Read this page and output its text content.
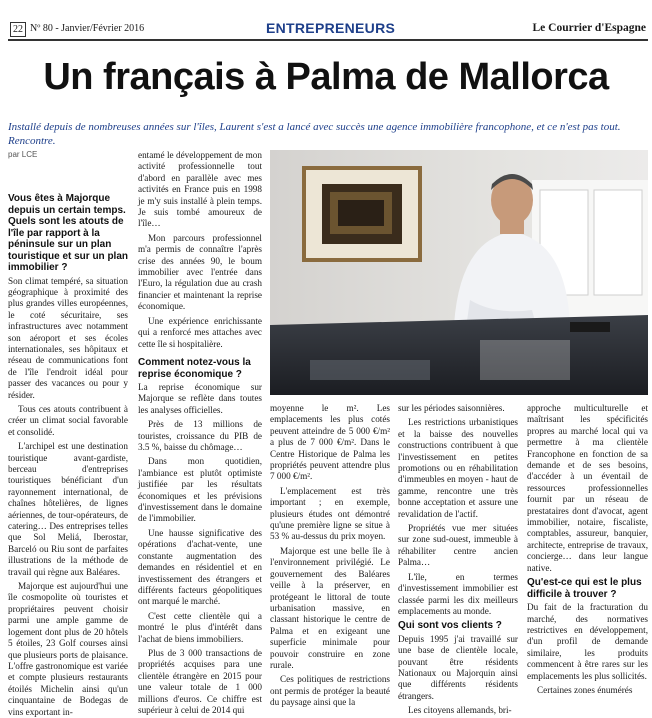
22 Nº 80 - Janvier/Février 2016	ENTREPRENEURS	Le Courrier d'Espagne
Un français à Palma de Mallorca
Installé depuis de nombreuses années sur l'îles, Laurent s'est a lancé avec succès une agence immobilière francophone, et ce n'est pas tout. Rencontre.
par LCE
Vous êtes à Majorque depuis un certain temps. Quels sont les atouts de l'île par rapport à la péninsule sur un plan touristique et sur un plan immobilier ?

Son climat tempéré, sa situation géographique à proximité des plus grandes villes européennes, le coté sécuritaire, ses infrastructures avec notamment son aéroport et ses écoles internationales, ses hôpitaux et réseau de communications font de l'île l'endroit idéal pour passer des vacances ou pour y résider.

Tous ces atouts contribuent à créer un climat social favorable et consolidé.

L'archipel est une destination touristique avant-gardiste, berceau d'entreprises touristiques bénéficiant d'un rayonnement international, de chaînes hôtelières, de lignes aériennes, de tour-opérateurs, de catering… Des entreprises telles que Sol Meliá, Iberostar, Barceló ou Riu sont de parfaites illustrations de la méthode de travail qui règne aux Baléares.

Majorque est aujourd'hui une île cosmopolite où touristes et propriétaires peuvent choisir parmi une ample gamme de logement dont plus de 20 hôtels 5 étoiles, 23 Golf courses ainsi que plusieurs ports de plaisance. L'offre gastronomique est variée et compte plusieurs restaurants étoilés Michelin ainsi qu'un cinquantaine de Bodegas de vins exportant in-

entamé le développement de mon activité professionnelle tout d'abord en parallèle avec mes activités en France puis en 1998 je m'y suis installé à plein temps. Je suis tombé amoureux de l'île…

Mon parcours professionnel m'a permis de connaître l'après crise des années 90, le boum immobilier avec l'entrée dans l'Euro, la régulation due au crash financier et maintenant la reprise économique.

Une expérience enrichissante qui a renforcé mes attaches avec cette île si hospitalière.

Comment notez-vous la reprise économique ?

La reprise économique sur Majorque se reflète dans toutes les analyses officielles.

Près de 13 millions de touristes, croissance du PIB de 3.5 %, baisse du chômage…

Dans mon quotidien, l'ambiance est plutôt optimiste justifiée par les résultats économiques et les prévisions d'investissement dans le domaine de l'immobilier.

Une hausse significative des opérations d'achat-vente, une constante augmentation des demandes en résidentiel et en investissement des étrangers et différents facteurs géopolitiques ont marqué le marché.

C'est cette clientèle qui a montré le plus d'intérêt dans l'achat de biens immobiliers.

Plus de 3 000 transactions de propriétés acquises para une clientèle étrangère en 2015 pour une valeur totale de 1 000 millions d'euros. Ce chiffre est supérieur à celui de 2014 qui

moyenne le m². Les emplacements les plus cotés peuvent atteindre de 5 000 €/m² a plus de 7 000 €/m². Dans le Centre Historique de Palma les propriétés peuvent attendre plus 7 000 €/m².

L'emplacement est très important ; en exemple, plusieurs études ont démontré qu'une première ligne se situe à 53 % au-dessus du prix moyen.

Majorque est une belle île à l'environnement privilégié. Le gouvernement des Baléares veille à la préserver, en protégeant le littoral de toute urbanisation massive, en classant historique le centre de Palma et en exigeant une superficie minimale pour pouvoir construire en zone rurale.

Ces politiques de restrictions ont permis de protéger la beauté du paysage ainsi que la

sur les périodes saisonnières.

Les restrictions urbanistiques et la baisse des nouvelles constructions contribuent à que l'investissement en petites promotions ou en réhabilitation d'immeubles en moyen - haut de gamme, rencontre une très bonne acceptation et assure une revalidation de l'actif.

Propriétés vue mer situées sur zone sud-ouest, immeuble à réhabiliter centre ancien Palma…

L'île, en termes d'investissement immobilier est classée parmi les dix meilleurs emplacements au monde.

Qui sont vos clients ?

Depuis 1995 j'ai travaillé sur une base de clientèle locale, pouvant être résidents Nationaux ou Majorquin ainsi que différents résidents étrangers.

Les citoyens allemands, bri-

approche multiculturelle et maîtrisant les spécificités propres au marché local qui va permettre à ma clientèle Francophone en fonction de sa demande et de ses besoins, d'accéder à un éventail de ressources professionnelles fournit par un réseau de prestataires dont d'avocat, agent immobilier, notaire, fiscaliste, comptables, assureur, banquier, architecte, entreprise de travaux, concierge… dans leur langue native.

Qu'est-ce qui est le plus difficile à trouver ?

Du fait de la fracturation du marché, des normatives restrictives en développement, d'un profil de demande similaire, les produits commencent à être rares sur les emplacements les plus sollicités.

Certaines zones énumérés
